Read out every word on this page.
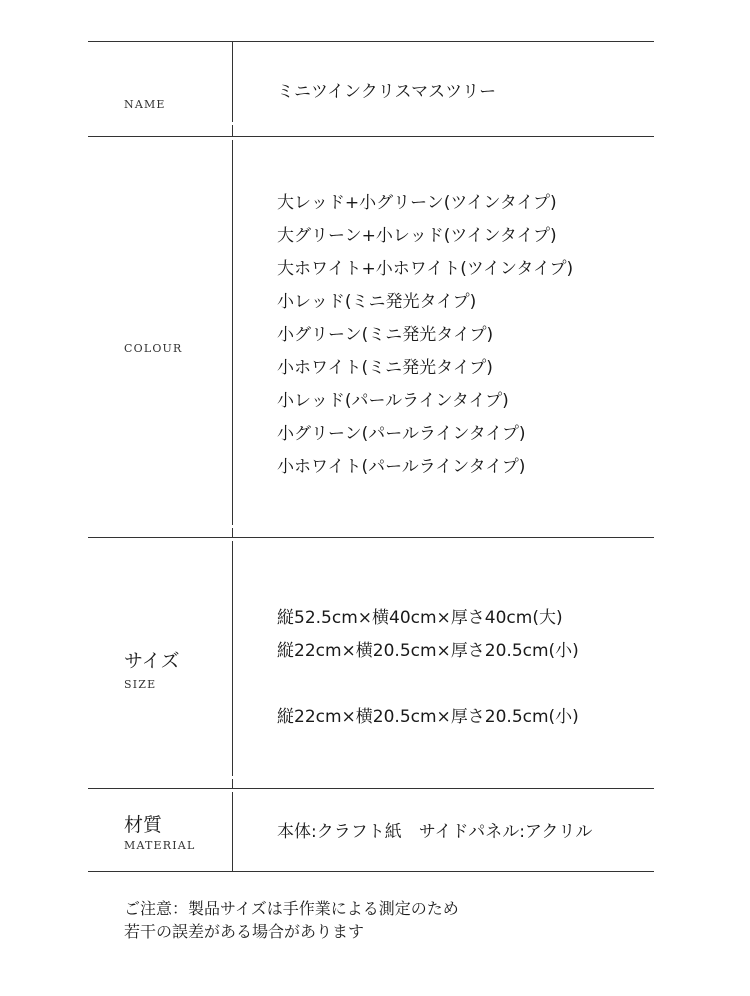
NAME
ミニツインクリスマスツリー
COLOUR
大レッド+小グリーン(ツインタイプ)
大グリーン+小レッド(ツインタイプ)
大ホワイト+小ホワイト(ツインタイプ)
小レッド(ミニ発光タイプ)
小グリーン(ミニ発光タイプ)
小ホワイト(ミニ発光タイプ)
小レッド(パールラインタイプ)
小グリーン(パールラインタイプ)
小ホワイト(パールラインタイプ)
サイズ
SIZE
縦52.5cm×横40cm×厚さ40cm(大)
縦22cm×横20.5cm×厚さ20.5cm(小)
縦22cm×横20.5cm×厚さ20.5cm(小)
材質
MATERIAL
本体:クラフト紙　サイドパネル:アクリル
ご注意：製品サイズは手作業による測定のため
若干の誤差がある場合があります
